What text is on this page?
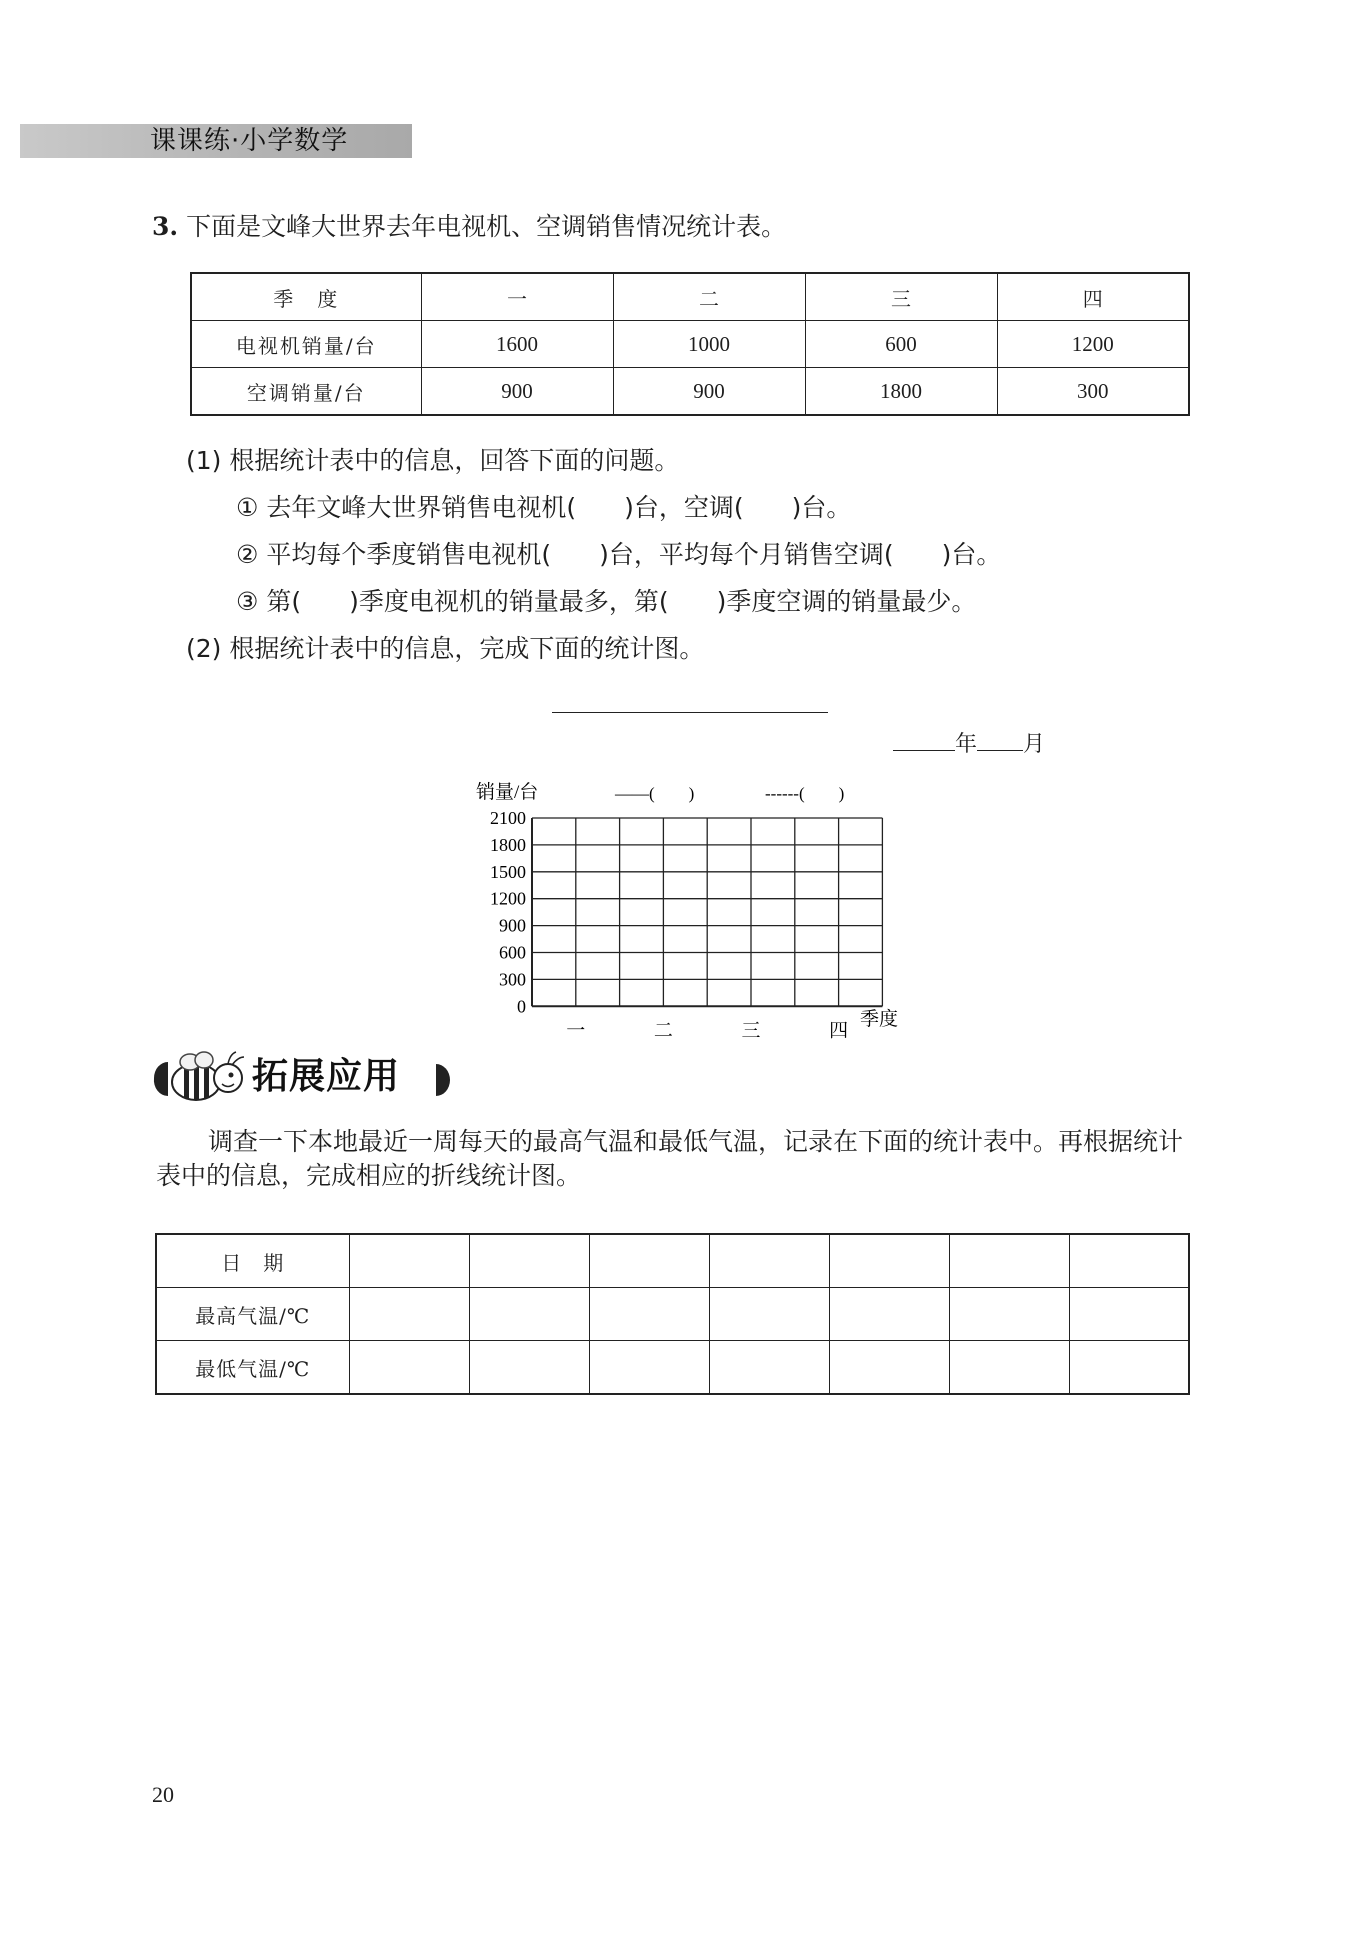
课课练·小学数学
3. 下面是文峰大世界去年电视机、空调销售情况统计表。
季　度	一	二	三	四
电视机销量/台	1600	1000	600	1200
空调销量/台	900	900	1800	300
(1) 根据统计表中的信息，回答下面的问题。
① 去年文峰大世界销售电视机( )台，空调( )台。
② 平均每个季度销售电视机( )台，平均每个月销售空调( )台。
③ 第( )季度电视机的销量最多，第( )季度空调的销量最少。
(2) 根据统计表中的信息，完成下面的统计图。
年 月
销量/台	——(　　)	------(　　)
0
300
600
900
1200
1500
1800
2100
一	二	三	四
季度
拓展应用
调查一下本地最近一周每天的最高气温和最低气温，记录在下面的统计表中。再根据统计表中的信息，完成相应的折线统计图。
日　期							
最高气温/℃							
最低气温/℃							
20
